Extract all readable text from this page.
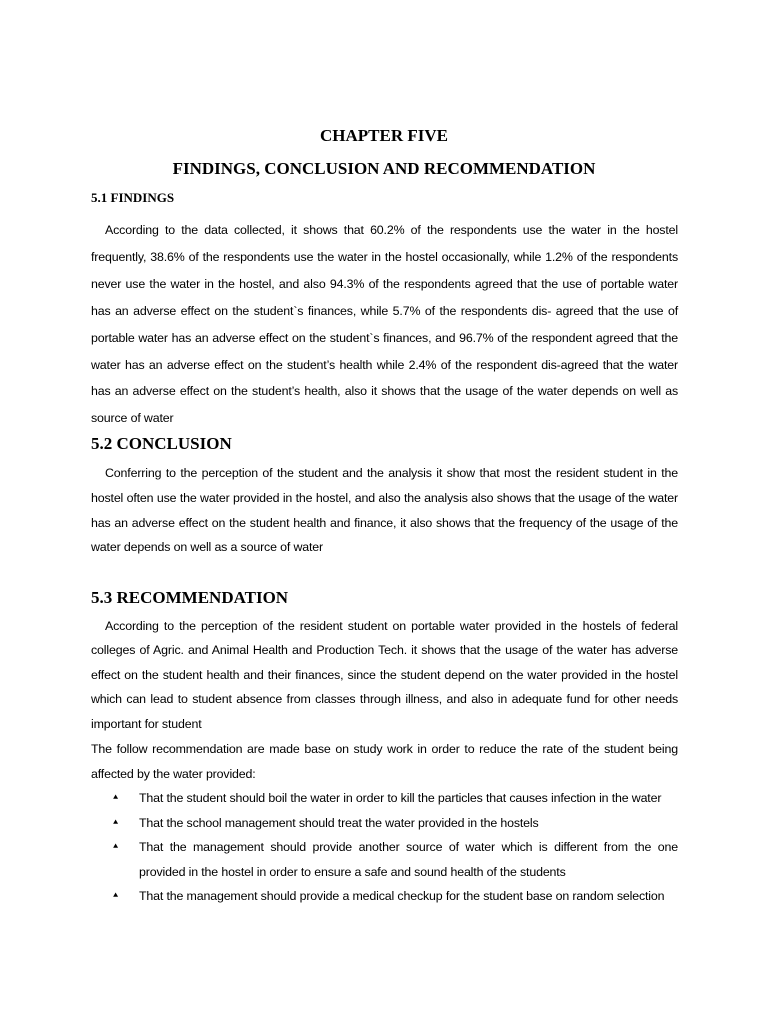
CHAPTER FIVE
FINDINGS, CONCLUSION AND RECOMMENDATION
5.1 FINDINGS

According to the data collected, it shows that 60.2% of the respondents use the water in the hostel frequently, 38.6% of the respondents use the water in the hostel occasionally, while 1.2% of the respondents never use the water in the hostel, and also 94.3% of the respondents agreed that the use of portable water has an adverse effect on the student`s finances, while 5.7% of the respondents dis- agreed that the use of portable water has an adverse effect on the student`s finances, and 96.7% of the respondent agreed that the water has an adverse effect on the student’s health while 2.4% of the respondent dis-agreed that the water has an adverse effect on the student’s health, also it shows that the usage of the water depends on well as source of water

5.2 CONCLUSION

Conferring to the perception of the student and the analysis it show that most the resident student in the hostel often use the water provided in the hostel, and also the analysis also shows that the usage of the water has an adverse effect on the student health and finance, it also shows that the frequency of the usage of the water depends on well as a source of water

5.3 RECOMMENDATION

According to the perception of the resident student on portable water provided in the hostels of federal colleges of Agric. and Animal Health and Production Tech. it shows that the usage of the water has adverse effect on the student health and their finances, since the student depend on the water provided in the hostel which can lead to student absence from classes through illness, and also in adequate fund for other needs important for student

The follow recommendation are made base on study work in order to reduce the rate of the student being affected by the water provided:

⯅ That the student should boil the water in order to kill the particles that causes infection in the water
⯅ That the school management should treat the water provided in the hostels
⯅ That the management should provide another source of water which is different from the one provided in the hostel in order to ensure a safe and sound health of the students
⯅ That the management should provide a medical checkup for the student base on random selection
